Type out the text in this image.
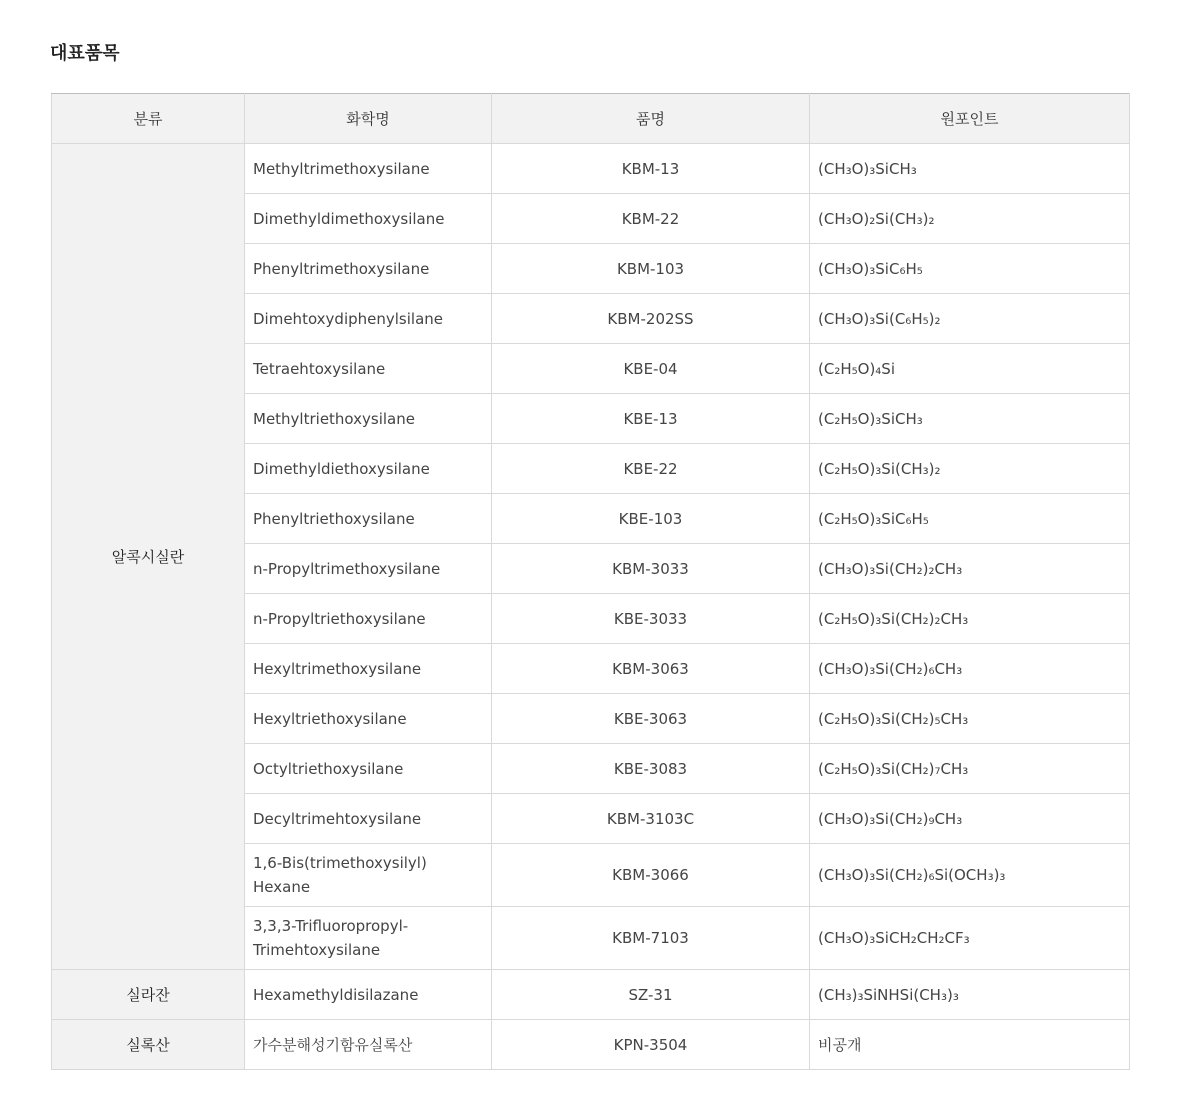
대표품목
분류	화학명	품명	원포인트
알콕시실란	Methyltrimethoxysilane	KBM-13	(CH₃O)₃SiCH₃
	Dimethyldimethoxysilane	KBM-22	(CH₃O)₂Si(CH₃)₂
	Phenyltrimethoxysilane	KBM-103	(CH₃O)₃SiC₆H₅
	Dimehtoxydiphenylsilane	KBM-202SS	(CH₃O)₃Si(C₆H₅)₂
	Tetraehtoxysilane	KBE-04	(C₂H₅O)₄Si
	Methyltriethoxysilane	KBE-13	(C₂H₅O)₃SiCH₃
	Dimethyldiethoxysilane	KBE-22	(C₂H₅O)₃Si(CH₃)₂
	Phenyltriethoxysilane	KBE-103	(C₂H₅O)₃SiC₆H₅
	n-Propyltrimethoxysilane	KBM-3033	(CH₃O)₃Si(CH₂)₂CH₃
	n-Propyltriethoxysilane	KBE-3033	(C₂H₅O)₃Si(CH₂)₂CH₃
	Hexyltrimethoxysilane	KBM-3063	(CH₃O)₃Si(CH₂)₆CH₃
	Hexyltriethoxysilane	KBE-3063	(C₂H₅O)₃Si(CH₂)₅CH₃
	Octyltriethoxysilane	KBE-3083	(C₂H₅O)₃Si(CH₂)₇CH₃
	Decyltrimehtoxysilane	KBM-3103C	(CH₃O)₃Si(CH₂)₉CH₃
	1,6-Bis(trimethoxysilyl) Hexane	KBM-3066	(CH₃O)₃Si(CH₂)₆Si(OCH₃)₃
	3,3,3-Trifluoropropyl-Trimehtoxysilane	KBM-7103	(CH₃O)₃SiCH₂CH₂CF₃
실라잔	Hexamethyldisilazane	SZ-31	(CH₃)₃SiNHSi(CH₃)₃
실록산	가수분해성기함유실록산	KPN-3504	비공개
